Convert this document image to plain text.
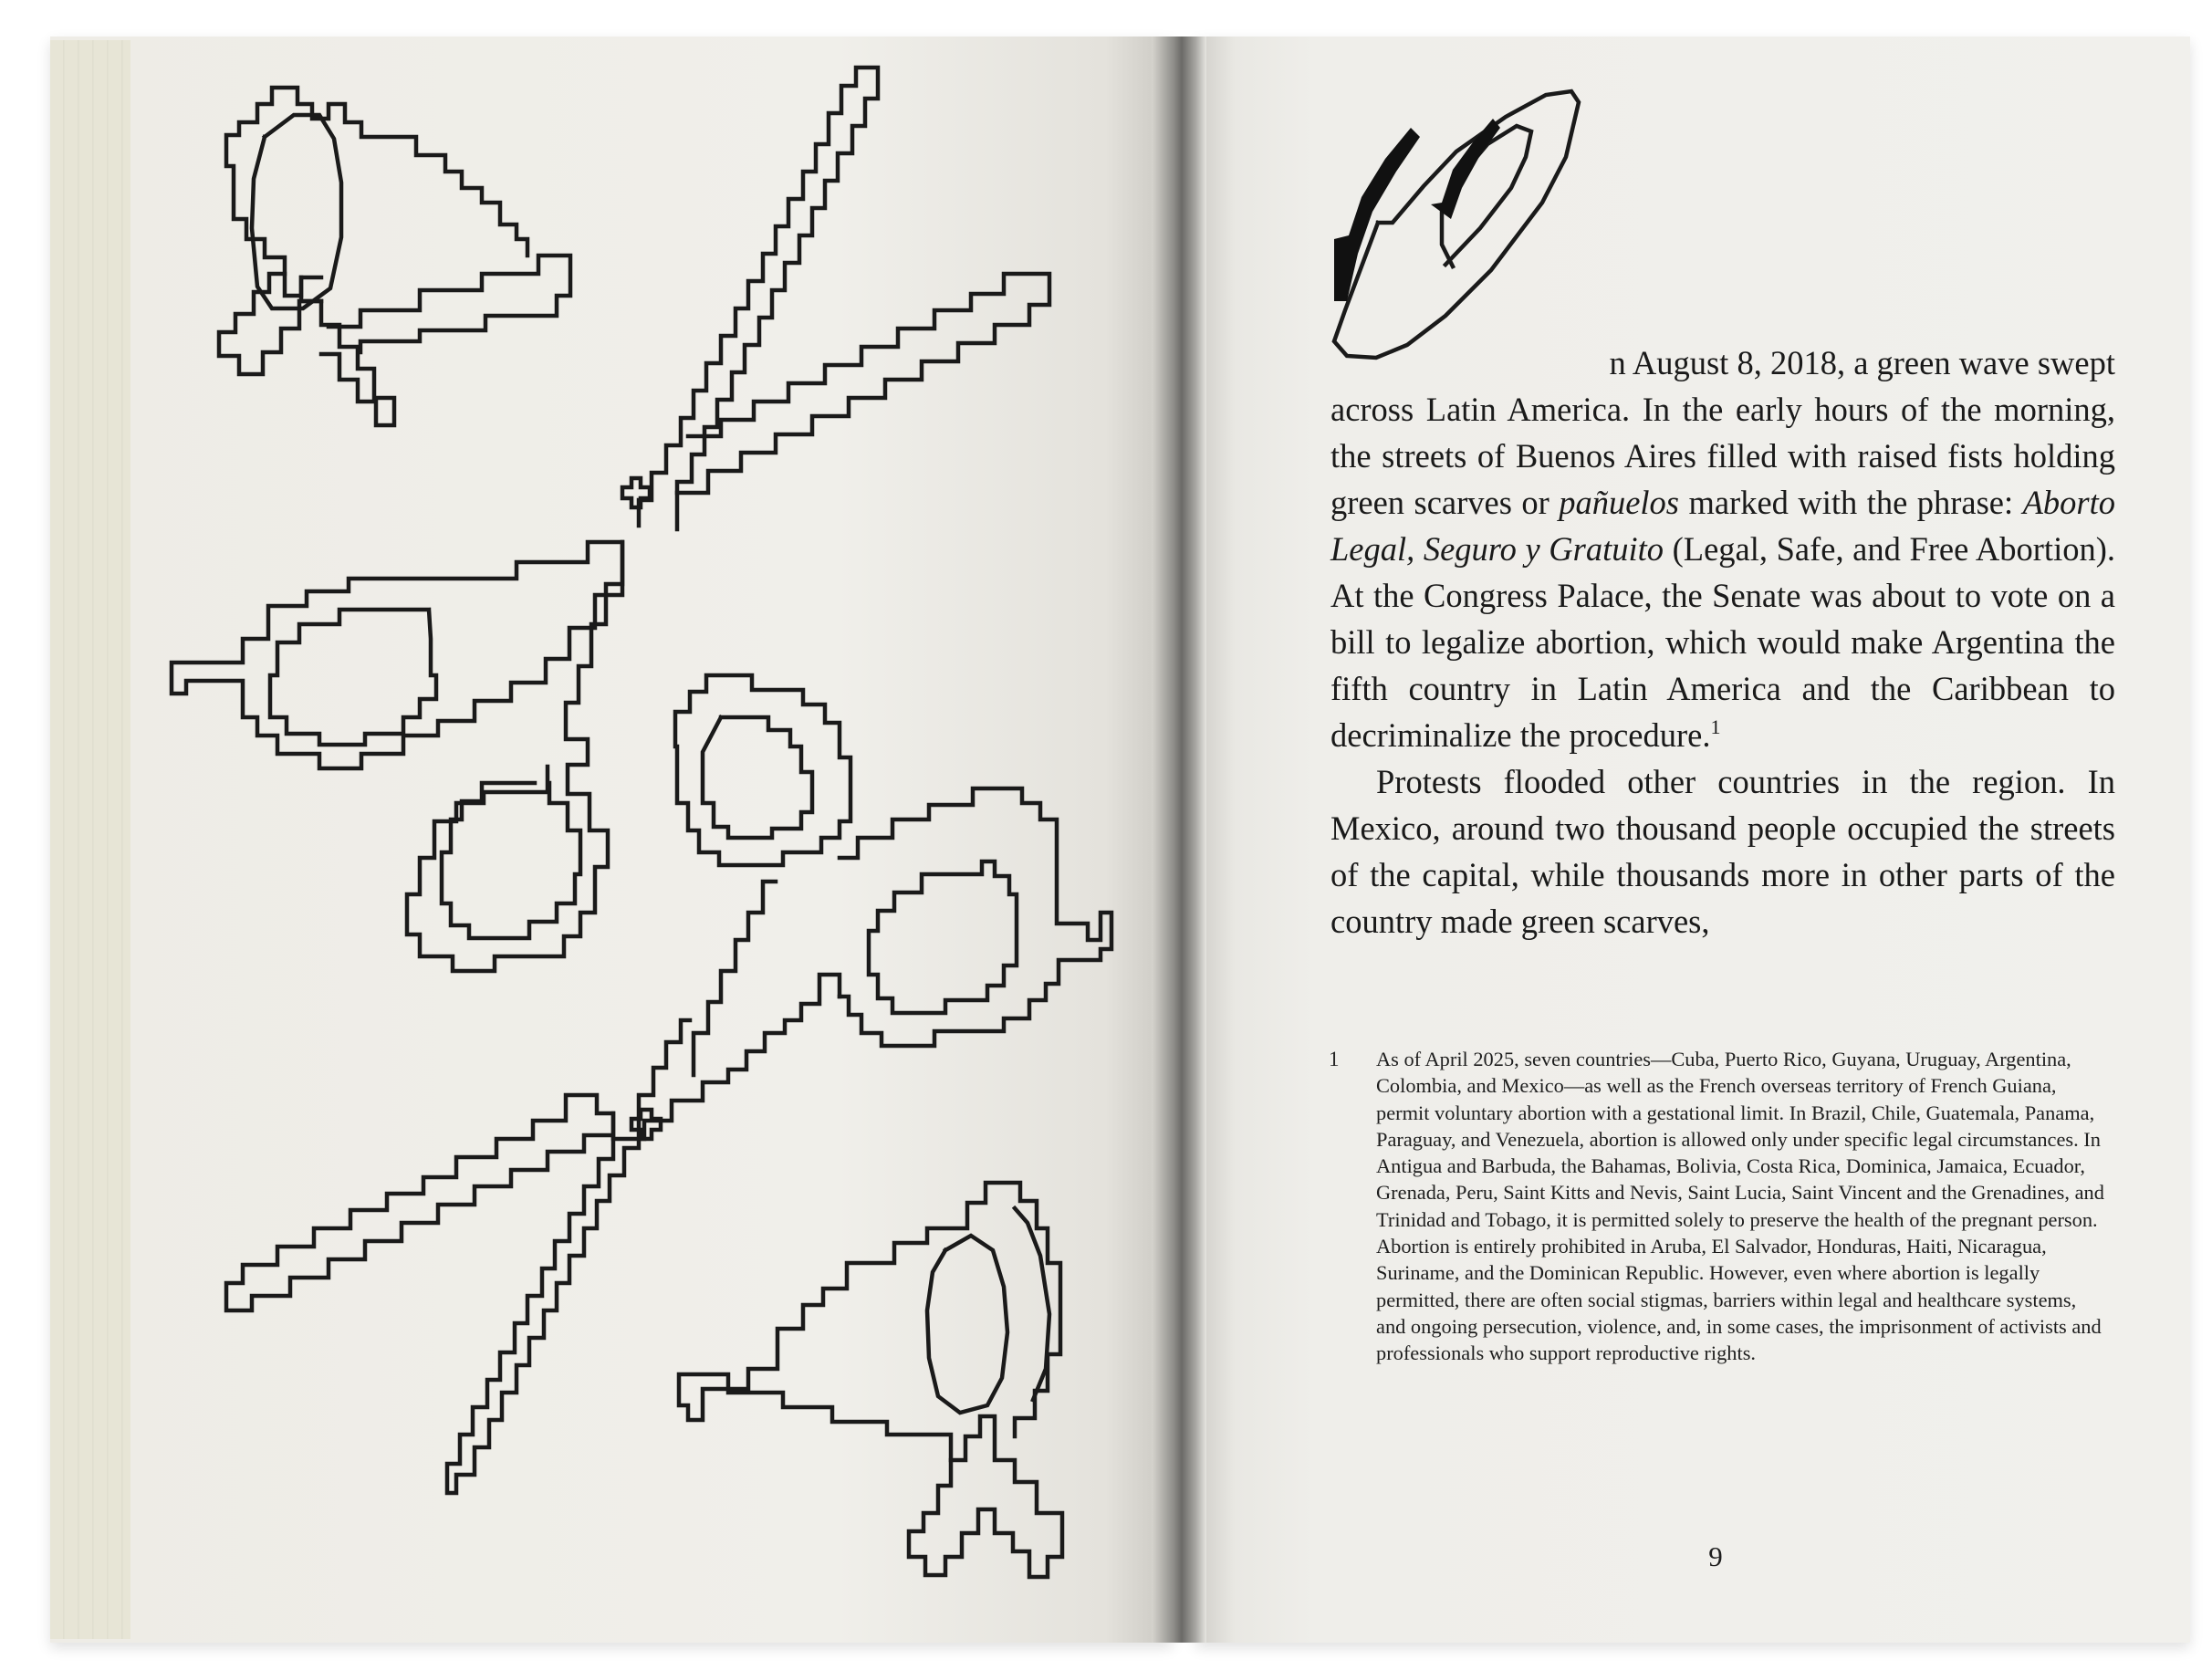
n August 8, 2018, a green wave swept
across Latin America. In the early hours of the morning, the streets of Buenos Aires filled with raised fists holding green scarves or pañuelos marked with the phrase: Aborto Legal, Seguro y Gratuito (Legal, Safe, and Free Abortion). At the Congress Palace, the Senate was about to vote on a bill to legalize abortion, which would make Argentina the fifth country in Latin America and the Caribbean to decriminalize the procedure.$^1$

Protests flooded other countries in the region. In Mexico, around two thousand people occupied the streets of the capital, while thousands more in other parts of the country made green scarves,

1 As of April 2025, seven countries—Cuba, Puerto Rico, Guyana, Uruguay, Argentina, Colombia, and Mexico—as well as the French overseas territory of French Guiana, permit voluntary abortion with a gestational limit. In Brazil, Chile, Guatemala, Panama, Paraguay, and Venezuela, abortion is allowed only under specific legal circumstances. In Antigua and Barbuda, the Bahamas, Bolivia, Costa Rica, Dominica, Jamaica, Ecuador, Grenada, Peru, Saint Kitts and Nevis, Saint Lucia, Saint Vincent and the Grenadines, and Trinidad and Tobago, it is permitted solely to preserve the health of the pregnant person. Abortion is entirely prohibited in Aruba, El Salvador, Honduras, Haiti, Nicaragua, Suriname, and the Dominican Republic. However, even where abortion is legally permitted, there are often social stigmas, barriers within legal and healthcare systems, and ongoing persecution, violence, and, in some cases, the imprisonment of activists and professionals who support reproductive rights.

9
